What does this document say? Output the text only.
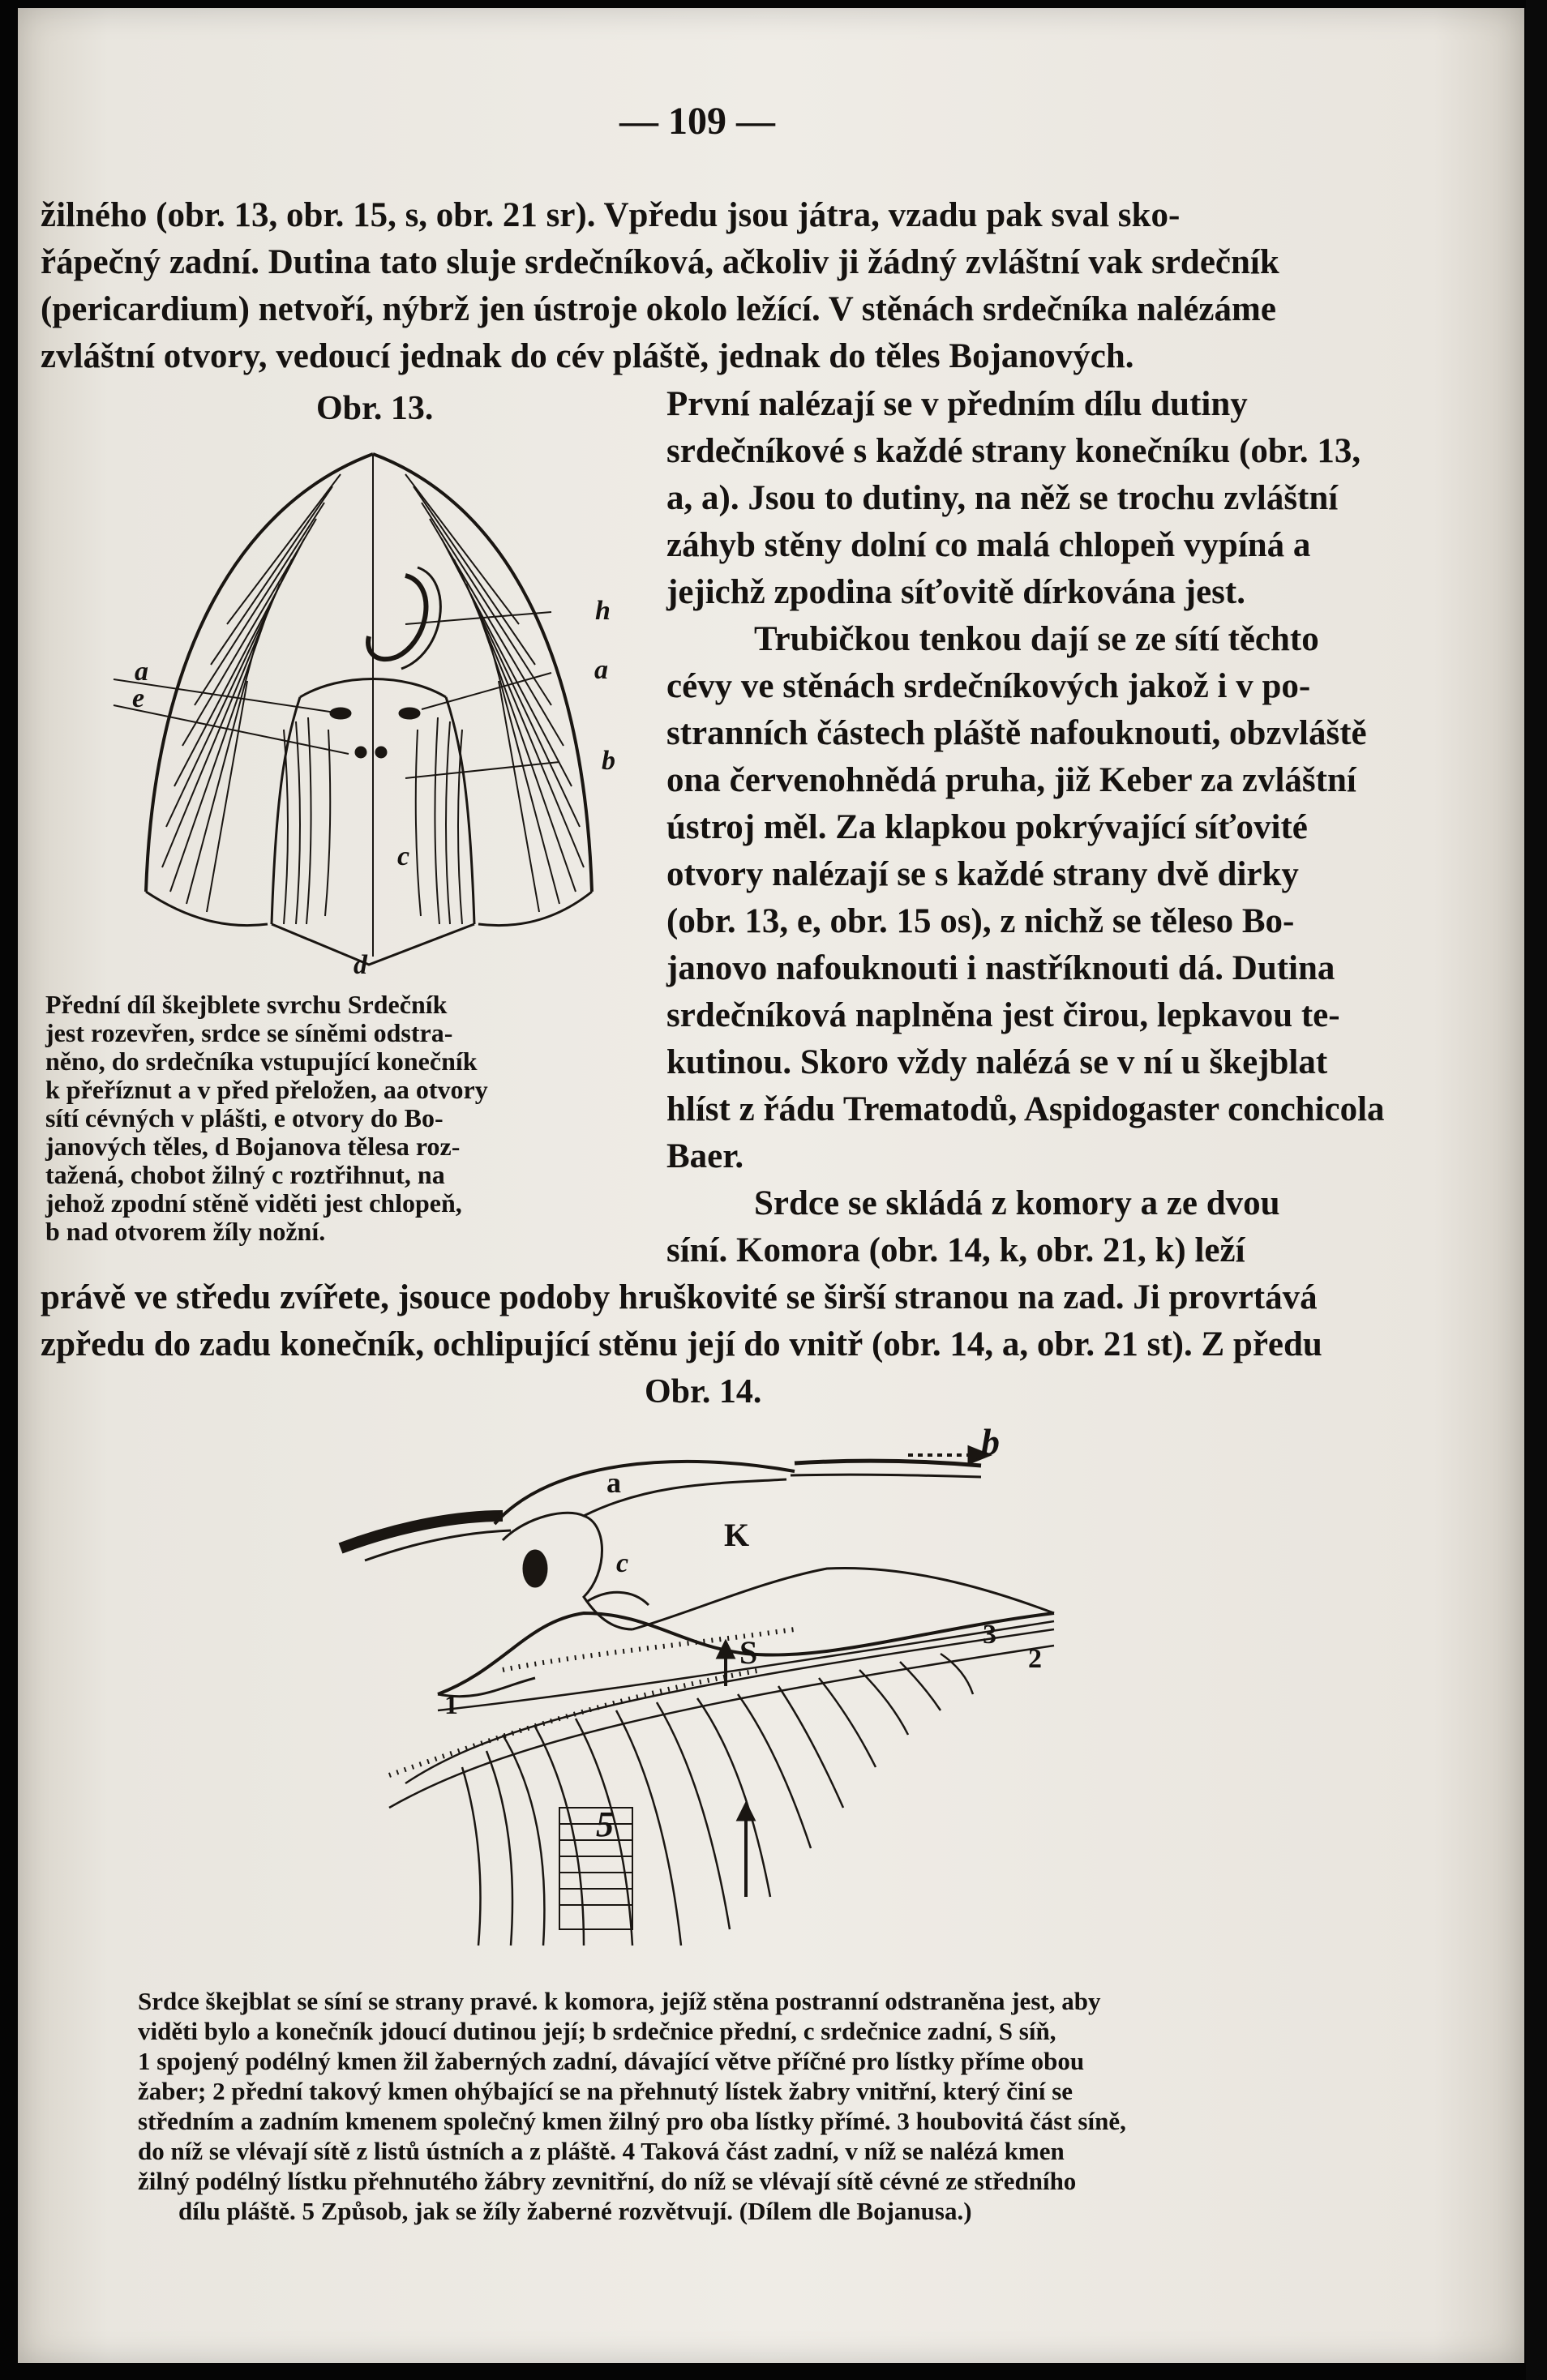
— 109 —
žilného (obr. 13, obr. 15, s, obr. 21 sr). Vpředu jsou játra, vzadu pak sval sko-
řápečný zadní. Dutina tato sluje srdečníková, ačkoliv ji žádný zvláštní vak srdečník
(pericardium) netvoří, nýbrž jen ústroje okolo ležící. V stěnách srdečníka nalézáme
zvláštní otvory, vedoucí jednak do cév pláště, jednak do těles Bojanových.
Obr. 13.
a
e
h
a
b
c
d
Přední díl škejblete svrchu Srdečník
jest rozevřen, srdce se síněmi odstra-
něno, do srdečníka vstupující konečník
k přeříznut a v před přeložen, aa otvory
sítí cévných v plášti, e otvory do Bo-
janových těles, d Bojanova tělesa roz-
tažená, chobot žilný c roztřihnut, na
jehož zpodní stěně viděti jest chlopeň,
b nad otvorem žíly nožní.
První nalézají se v předním dílu dutiny
srdečníkové s každé strany konečníku (obr. 13,
a, a). Jsou to dutiny, na něž se trochu zvláštní
záhyb stěny dolní co malá chlopeň vypíná a
jejichž zpodina síťovitě dírkována jest.
Trubičkou tenkou dají se ze sítí těchto
cévy ve stěnách srdečníkových jakož i v po-
stranních částech pláště nafouknouti, obzvláště
ona červenohnědá pruha, již Keber za zvláštní
ústroj měl. Za klapkou pokrývající síťovité
otvory nalézají se s každé strany dvě dirky
(obr. 13, e, obr. 15 os), z nichž se těleso Bo-
janovo nafouknouti i nastříknouti dá. Dutina
srdečníková naplněna jest čirou, lepkavou te-
kutinou. Skoro vždy nalézá se v ní u škejblat
hlíst z řádu Trematodů, Aspidogaster conchicola
Baer.
Srdce se skládá z komory a ze dvou
síní. Komora (obr. 14, k, obr. 21, k) leží
právě ve středu zvířete, jsouce podoby hruškovité se širší stranou na zad. Ji provrtává
zpředu do zadu konečník, ochlipující stěnu její do vnitř (obr. 14, a, obr. 21 st). Z předu
Obr. 14.
b
a
K
c
S	3
2
1
5
Srdce škejblat se síní se strany pravé. k komora, jejíž stěna postranní odstraněna jest, aby
viděti bylo a konečník jdoucí dutinou její; b srdečnice přední, c srdečnice zadní, S síň,
1 spojený podélný kmen žil žaberných zadní, dávající větve příčné pro lístky příme obou
žaber; 2 přední takový kmen ohýbající se na přehnutý lístek žabry vnitřní, který činí se
středním a zadním kmenem společný kmen žilný pro oba lístky přímé. 3 houbovitá část síně,
do níž se vlévají sítě z listů ústních a z pláště. 4 Taková část zadní, v níž se nalézá kmen
žilný podélný lístku přehnutého žábry zevnitřní, do níž se vlévají sítě cévné ze středního
dílu pláště. 5 Způsob, jak se žíly žaberné rozvětvují. (Dílem dle Bojanusa.)
